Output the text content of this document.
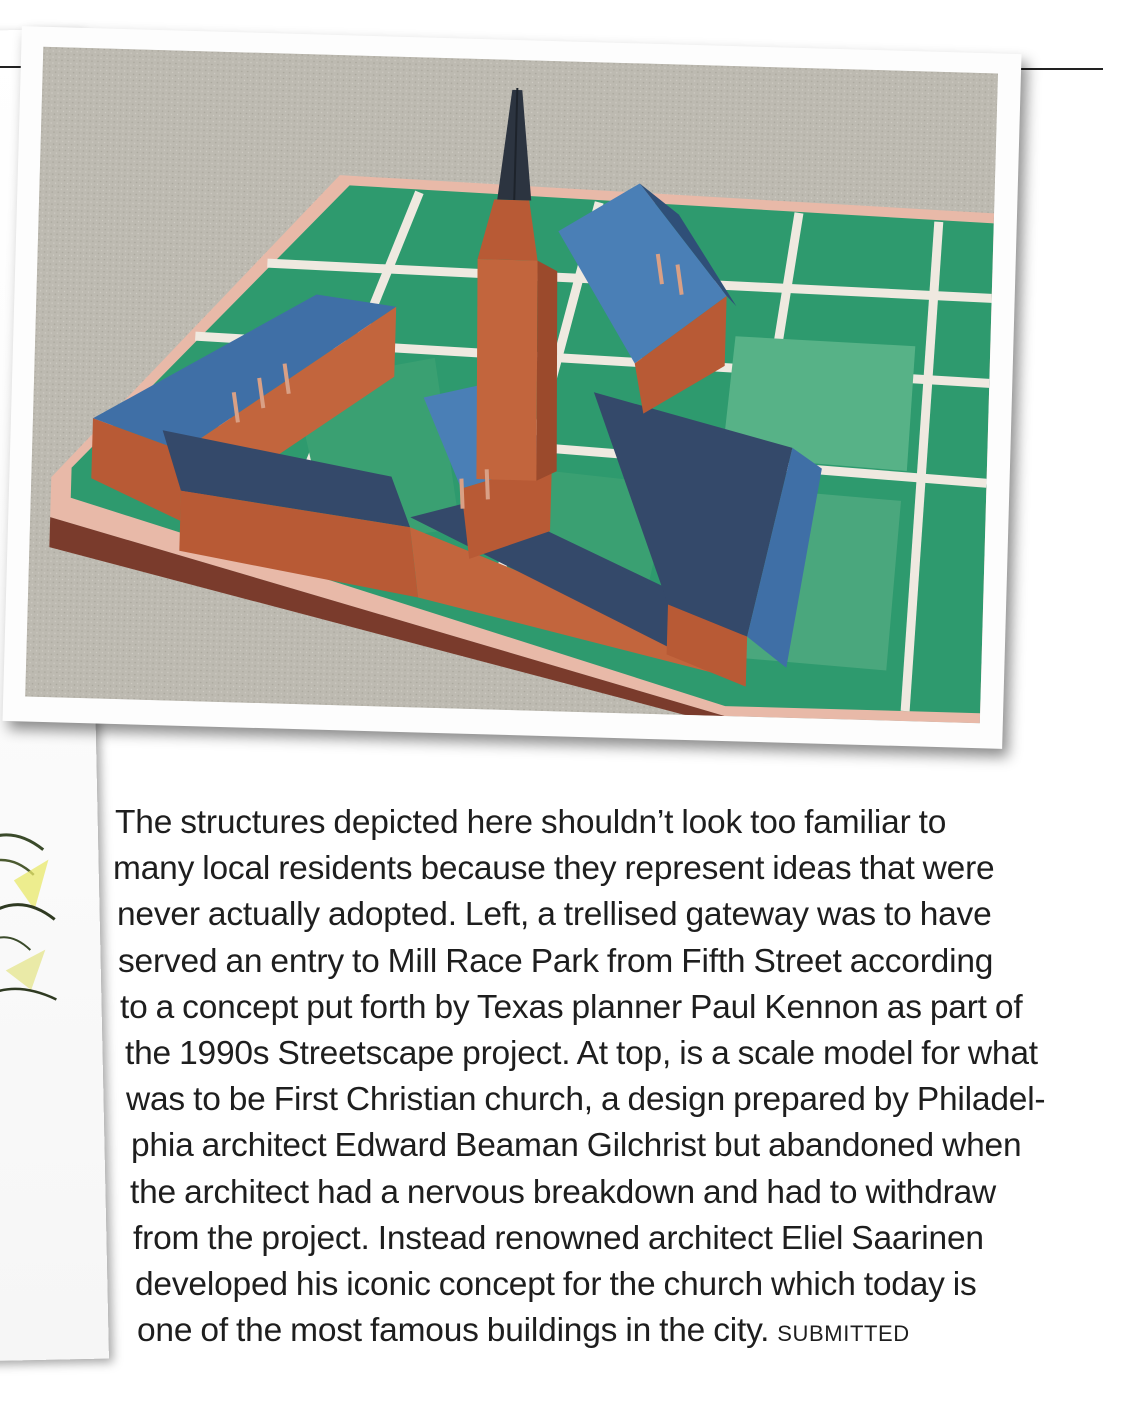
The structures depicted here shouldn’t look too familiar to
many local residents because they represent ideas that were
never actually adopted. Left, a trellised gateway was to have
served an entry to Mill Race Park from Fifth Street according
to a concept put forth by Texas planner Paul Kennon as part of
the 1990s Streetscape project. At top, is a scale model for what
was to be First Christian church, a design prepared by Philadel-
phia architect Edward Beaman Gilchrist but abandoned when
the architect had a nervous breakdown and had to withdraw
from the project. Instead renowned architect Eliel Saarinen
developed his iconic concept for the church which today is
one of the most famous buildings in the city. SUBMITTED
